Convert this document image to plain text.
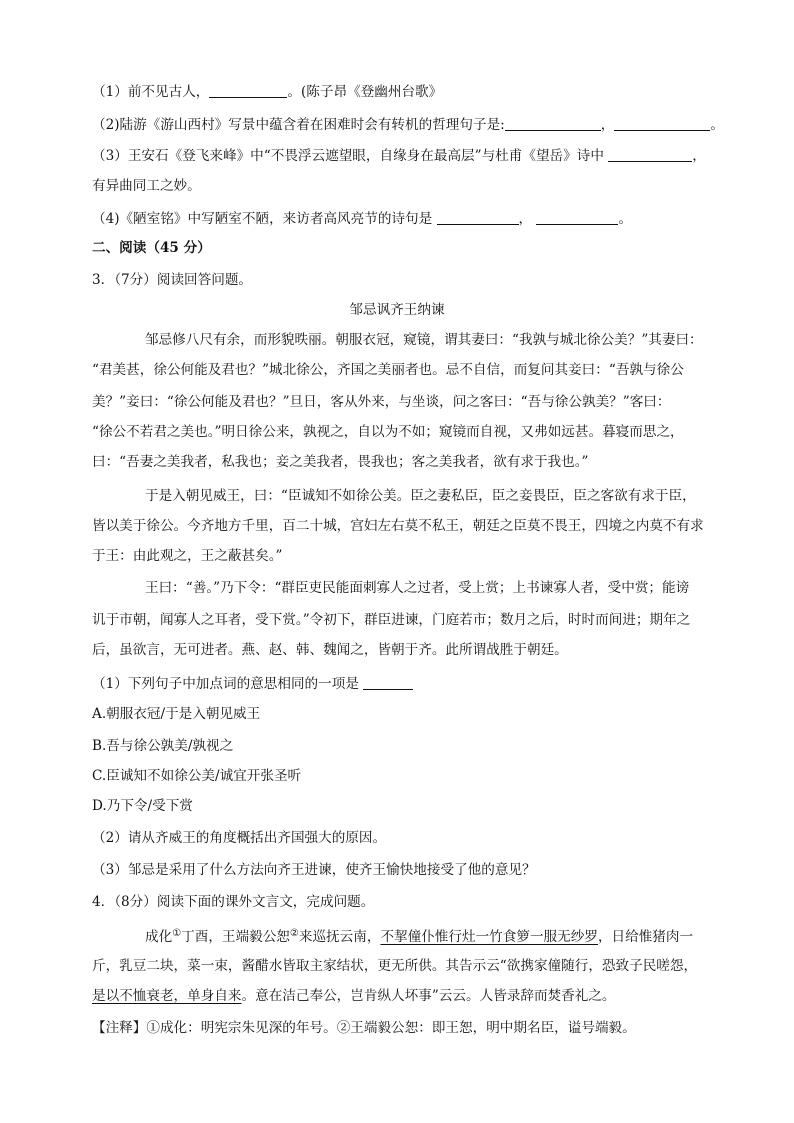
（1）前不见古人，	。(陈子昂《登幽州台歌》
（2)陆游《游山西村》写景中蕴含着在困难时会有转机的哲理句子是:	，	。
（3）王安石《登飞来峰》中“不畏浮云遮望眼，自缘身在最高层”与杜甫《望岳》诗中	，
有异曲同工之妙。
（4)《陋室铭》中写陋室不陋，来访者高风亮节的诗句是	，	。
二、阅读（45 分）
3．（7分）阅读回答问题。
邹忌讽齐王纳谏
邹忌修八尺有余，而形貌昳丽。朝服衣冠，窥镜，谓其妻曰：“我孰与城北徐公美？”其妻曰：
“君美甚，徐公何能及君也？”城北徐公，齐国之美丽者也。忌不自信，而复问其妾曰：“吾孰与徐公
美？”妾曰：“徐公何能及君也？”旦日，客从外来，与坐谈，问之客曰：“吾与徐公孰美？”客曰：
“徐公不若君之美也。”明日徐公来，孰视之，自以为不如；窥镜而自视，又弗如远甚。暮寝而思之，
曰：“吾妻之美我者，私我也；妾之美我者，畏我也；客之美我者，欲有求于我也。”
于是入朝见威王，曰：“臣诚知不如徐公美。臣之妻私臣，臣之妾畏臣，臣之客欲有求于臣，
皆以美于徐公。今齐地方千里，百二十城，宫妇左右莫不私王，朝廷之臣莫不畏王，四境之内莫不有求
于王：由此观之，王之蔽甚矣。”
王曰：“善。”乃下令：“群臣吏民能面刺寡人之过者，受上赏；上书谏寡人者，受中赏；能谤
讥于市朝，闻寡人之耳者，受下赏。”令初下，群臣进谏，门庭若市；数月之后，时时而间进；期年之
后，虽欲言，无可进者。燕、赵、韩、魏闻之，皆朝于齐。此所谓战胜于朝廷。
（1）下列句子中加点词的意思相同的一项是
A.朝服衣冠/于是入朝见威王
B.吾与徐公孰美/孰视之
C.臣诚知不如徐公美/诚宜开张圣听
D.乃下令/受下赏
（2）请从齐威王的角度概括出齐国强大的原因。
（3）邹忌是采用了什么方法向齐王进谏，使齐王愉快地接受了他的意见？
4．（8分）阅读下面的课外文言文，完成问题。
成化①丁酉，王端毅公恕②来巡抚云南，不挈僮仆惟行灶一竹食箩一服无纱罗，日给惟猪肉一
斤，乳豆二块，菜一束，酱醋水皆取主家结状，更无所供。其告示云“欲携家僮随行，恐致子民嗟怨，
是以不恤衰老，单身自来。意在洁己奉公，岂肯纵人坏事”云云。人皆录辞而焚香礼之。
【注释】①成化：明宪宗朱见深的年号。②王端毅公恕：即王恕，明中期名臣，谥号端毅。
